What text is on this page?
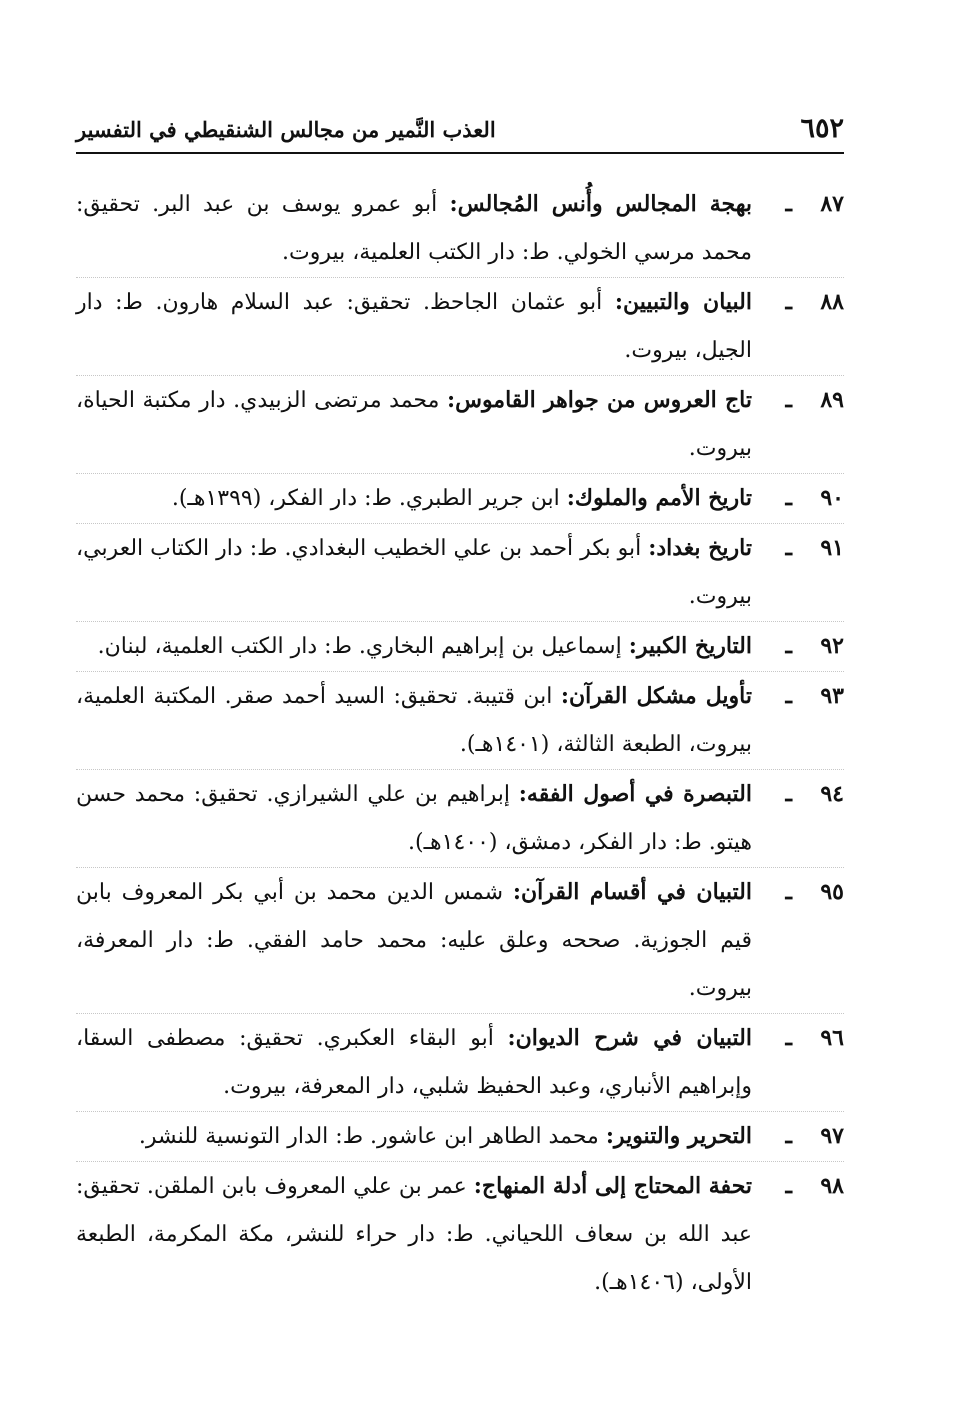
٦٥٢
العذب النَّمير من مجالس الشنقيطي في التفسير
٨٧
ـ
بهجة المجالس وأُنس المُجالس: أبو عمرو يوسف بن عبد البر. تحقيق: محمد مرسي الخولي. ط: دار الكتب العلمية، بيروت.
٨٨
ـ
البيان والتبيين: أبو عثمان الجاحظ. تحقيق: عبد السلام هارون. ط: دار الجيل، بيروت.
٨٩
ـ
تاج العروس من جواهر القاموس: محمد مرتضى الزبيدي. دار مكتبة الحياة، بيروت.
٩٠
ـ
تاريخ الأمم والملوك: ابن جرير الطبري. ط: دار الفكر، (١٣٩٩هـ).
٩١
ـ
تاريخ بغداد: أبو بكر أحمد بن علي الخطيب البغدادي. ط: دار الكتاب العربي، بيروت.
٩٢
ـ
التاريخ الكبير: إسماعيل بن إبراهيم البخاري. ط: دار الكتب العلمية، لبنان.
٩٣
ـ
تأويل مشكل القرآن: ابن قتيبة. تحقيق: السيد أحمد صقر. المكتبة العلمية، بيروت، الطبعة الثالثة، (١٤٠١هـ).
٩٤
ـ
التبصرة في أصول الفقه: إبراهيم بن علي الشيرازي. تحقيق: محمد حسن هيتو. ط: دار الفكر، دمشق، (١٤٠٠هـ).
٩٥
ـ
التبيان في أقسام القرآن: شمس الدين محمد بن أبي بكر المعروف بابن قيم الجوزية. صححه وعلق عليه: محمد حامد الفقي. ط: دار المعرفة، بيروت.
٩٦
ـ
التبيان في شرح الديوان: أبو البقاء العكبري. تحقيق: مصطفى السقا، وإبراهيم الأنباري، وعبد الحفيظ شلبي، دار المعرفة، بيروت.
٩٧
ـ
التحرير والتنوير: محمد الطاهر ابن عاشور. ط: الدار التونسية للنشر.
٩٨
ـ
تحفة المحتاج إلى أدلة المنهاج: عمر بن علي المعروف بابن الملقن. تحقيق: عبد الله بن سعاف اللحياني. ط: دار حراء للنشر، مكة المكرمة، الطبعة الأولى، (١٤٠٦هـ).
